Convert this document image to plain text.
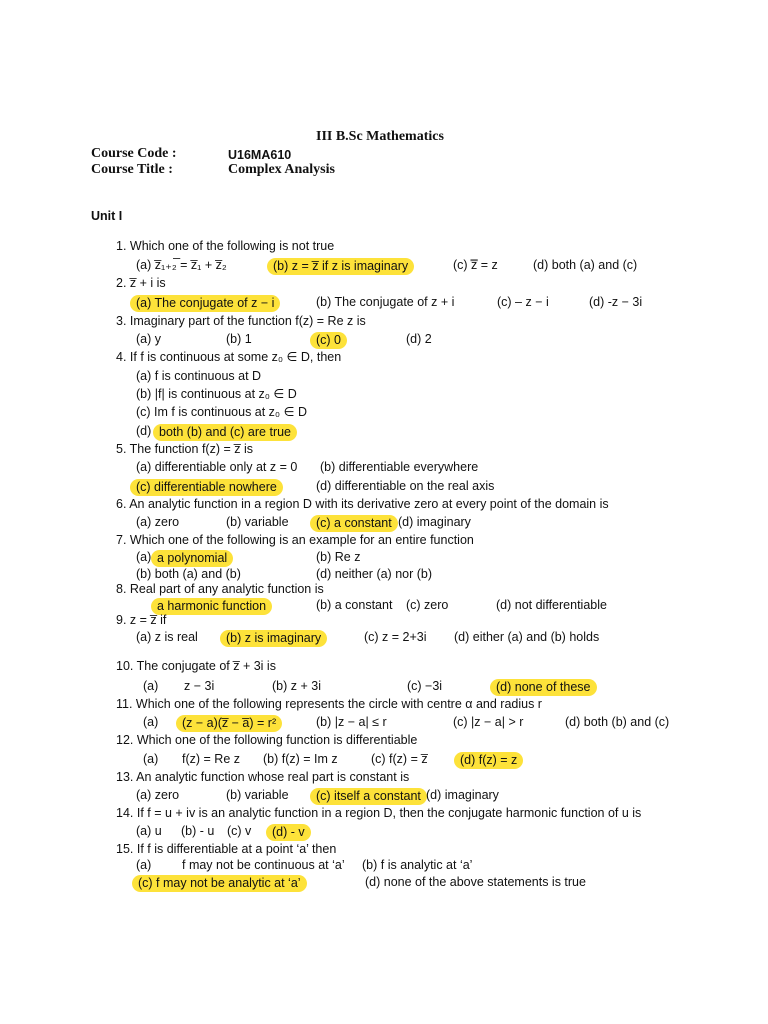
III B.Sc Mathematics
Course Code :	U16MA610
Course Title :	Complex Analysis
Unit I
1. Which one of the following is not true
(a) z̅₁₊₂̅ = z̅₁ + z̅₂	(b) z = z̅ if z is imaginary	(c) z̿ = z	(d) both (a) and (c)
2. z̅ + i is
(a) The conjugate of z − i	(b) The conjugate of z + i	(c) – z − i	(d) -z − 3i
3. Imaginary part of the function f(z) = Re z is
(a) y	(b) 1	(c) 0	(d) 2
4. If f is continuous at some z₀ ∈ D, then
(a) f is continuous at D
(b) |f| is continuous at z₀ ∈ D
(c) Im f is continuous at z₀ ∈ D
(d) both (b) and (c) are true
5. The function f(z) = z̅ is
(a) differentiable only at z = 0 (b) differentiable everywhere
(c) differentiable nowhere	(d) differentiable on the real axis
6. An analytic function in a region D with its derivative zero at every point of the domain is
(a) zero	(b) variable	(c) a constant (d) imaginary
7. Which one of the following is an example for an entire function
(a) a polynomial	(b) Re z
(b) both (a) and (b)	(d) neither (a) nor (b)
8. Real part of any analytic function is
a harmonic function	(b) a constant (c) zero	(d) not differentiable
9. z = z̅ if
(a) z is real	(b) z is imaginary	(c) z = 2+3i (d) either (a) and (b) holds
10. The conjugate of z̅ + 3i is
(a) z − 3i	(b) z + 3i	(c) −3i	(d) none of these
11. Which one of the following represents the circle with centre α and radius r
(a)	(z − a)(z̅ − a̅) = r²	(b) |z − a| ≤ r	(c) |z − a| > r	(d) both (b) and (c)
12. Which one of the following function is differentiable
(a) f(z) = Re z (b) f(z) = Im z	(c) f(z) = z̅	(d) f(z) = z
13. An analytic function whose real part is constant is
(a) zero	(b) variable	(c) itself a constant (d) imaginary
14. If f = u + iv is an analytic function in a region D, then the conjugate harmonic function of u is
(a) u (b) - u (c) v	(d) - v
15. If f is differentiable at a point ‘a’ then
(a) f may not be continuous at ‘a’ (b) f is analytic at ‘a’
(c) f may not be analytic at ‘a’	(d) none of the above statements is true
